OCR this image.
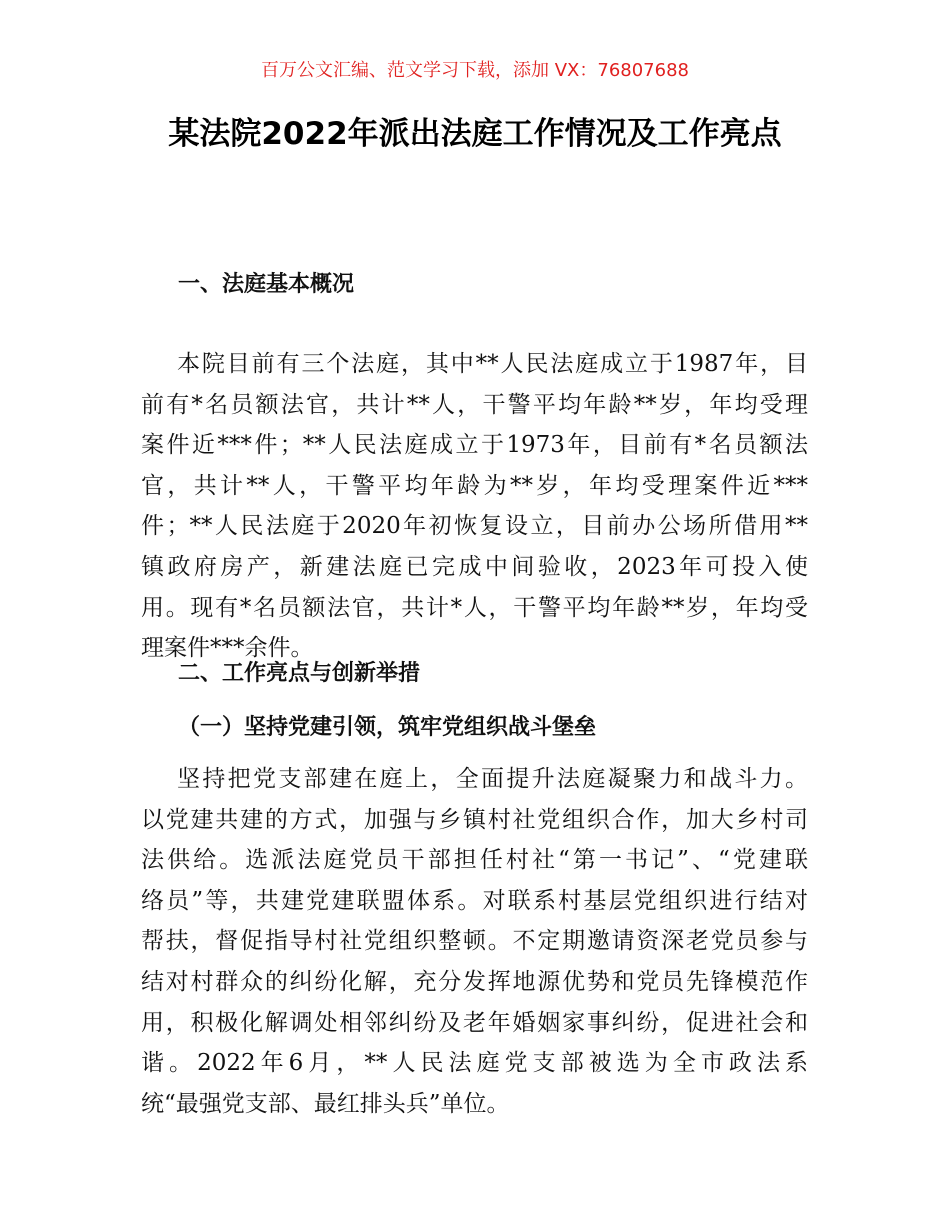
百万公文汇编、范文学习下载，添加 VX：76807688
某法院2022年派出法庭工作情况及工作亮点
一、法庭基本概况
本院目前有三个法庭，其中**人民法庭成立于1987年，目
前有*名员额法官，共计**人，干警平均年龄**岁，年均受理
案件近***件；**人民法庭成立于1973年，目前有*名员额法
官，共计**人，干警平均年龄为**岁，年均受理案件近***
件；**人民法庭于2020年初恢复设立，目前办公场所借用**
镇政府房产，新建法庭已完成中间验收，2023年可投入使
用。现有*名员额法官，共计*人，干警平均年龄**岁，年均受
理案件***余件。
二、工作亮点与创新举措
（一）坚持党建引领，筑牢党组织战斗堡垒
坚持把党支部建在庭上，全面提升法庭凝聚力和战斗力。
以党建共建的方式，加强与乡镇村社党组织合作，加大乡村司
法供给。选派法庭党员干部担任村社“第一书记”、“党建联
络员”等，共建党建联盟体系。对联系村基层党组织进行结对
帮扶，督促指导村社党组织整顿。不定期邀请资深老党员参与
结对村群众的纠纷化解，充分发挥地源优势和党员先锋模范作
用，积极化解调处相邻纠纷及老年婚姻家事纠纷，促进社会和
谐。2022年6月，**人民法庭党支部被选为全市政法系
统“最强党支部、最红排头兵”单位。
